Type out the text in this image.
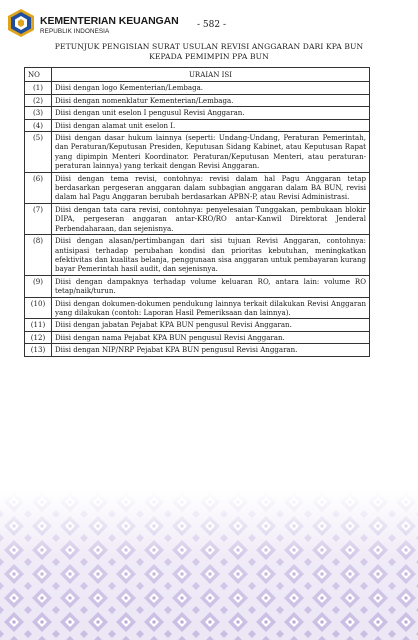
KEMENTERIAN KEUANGAN
REPUBLIK INDONESIA
- 582 -
PETUNJUK PENGISIAN SURAT USULAN REVISI ANGGARAN DARI KPA BUN
KEPADA PEMIMPIN PPA BUN
NO	URAIAN ISI
(1)	Diisi dengan logo Kementerian/Lembaga.
(2)	Diisi dengan nomenklatur Kementerian/Lembaga.
(3)	Diisi dengan unit eselon I pengusul Revisi Anggaran.
(4)	Diisi dengan alamat unit eselon I.
(5)	Diisi dengan dasar hukum lainnya (seperti: Undang-Undang, Peraturan Pemerintah, dan Peraturan/Keputusan Presiden, Keputusan Sidang Kabinet, atau Keputusan Rapat yang dipimpin Menteri Koordinator. Peraturan/Keputusan Menteri, atau peraturan-peraturan lainnya) yang terkait dengan Revisi Anggaran.
(6)	Diisi dengan tema revisi, contohnya: revisi dalam hal Pagu Anggaran tetap berdasarkan pergeseran anggaran dalam subbagian anggaran dalam BA BUN, revisi dalam hal Pagu Anggaran berubah berdasarkan APBN-P, atau Revisi Administrasi.
(7)	Diisi dengan tata cara revisi, contohnya: penyelesaian Tunggakan, pembukaan blokir DIPA, pergeseran anggaran antar-KRO/RO antar-Kanwil Direktorat Jenderal Perbendaharaan, dan sejenisnya.
(8)	Diisi dengan alasan/pertimbangan dari sisi tujuan Revisi Anggaran, contohnya: antisipasi terhadap perubahan kondisi dan prioritas kebutuhan, meningkatkan efektivitas dan kualitas belanja, penggunaan sisa anggaran untuk pembayaran kurang bayar Pemerintah hasil audit, dan sejenisnya.
(9)	Diisi dengan dampaknya terhadap volume keluaran RO, antara lain: volume RO tetap/naik/turun.
(10)	Diisi dengan dokumen-dokumen pendukung lainnya terkait dilakukan Revisi Anggaran yang dilakukan (contoh: Laporan Hasil Pemeriksaan dan lainnya).
(11)	Diisi dengan jabatan Pejabat KPA BUN pengusul Revisi Anggaran.
(12)	Diisi dengan nama Pejabat KPA BUN pengusul Revisi Anggaran.
(13)	Diisi dengan NIP/NRP Pejabat KPA BUN pengusul Revisi Anggaran.
